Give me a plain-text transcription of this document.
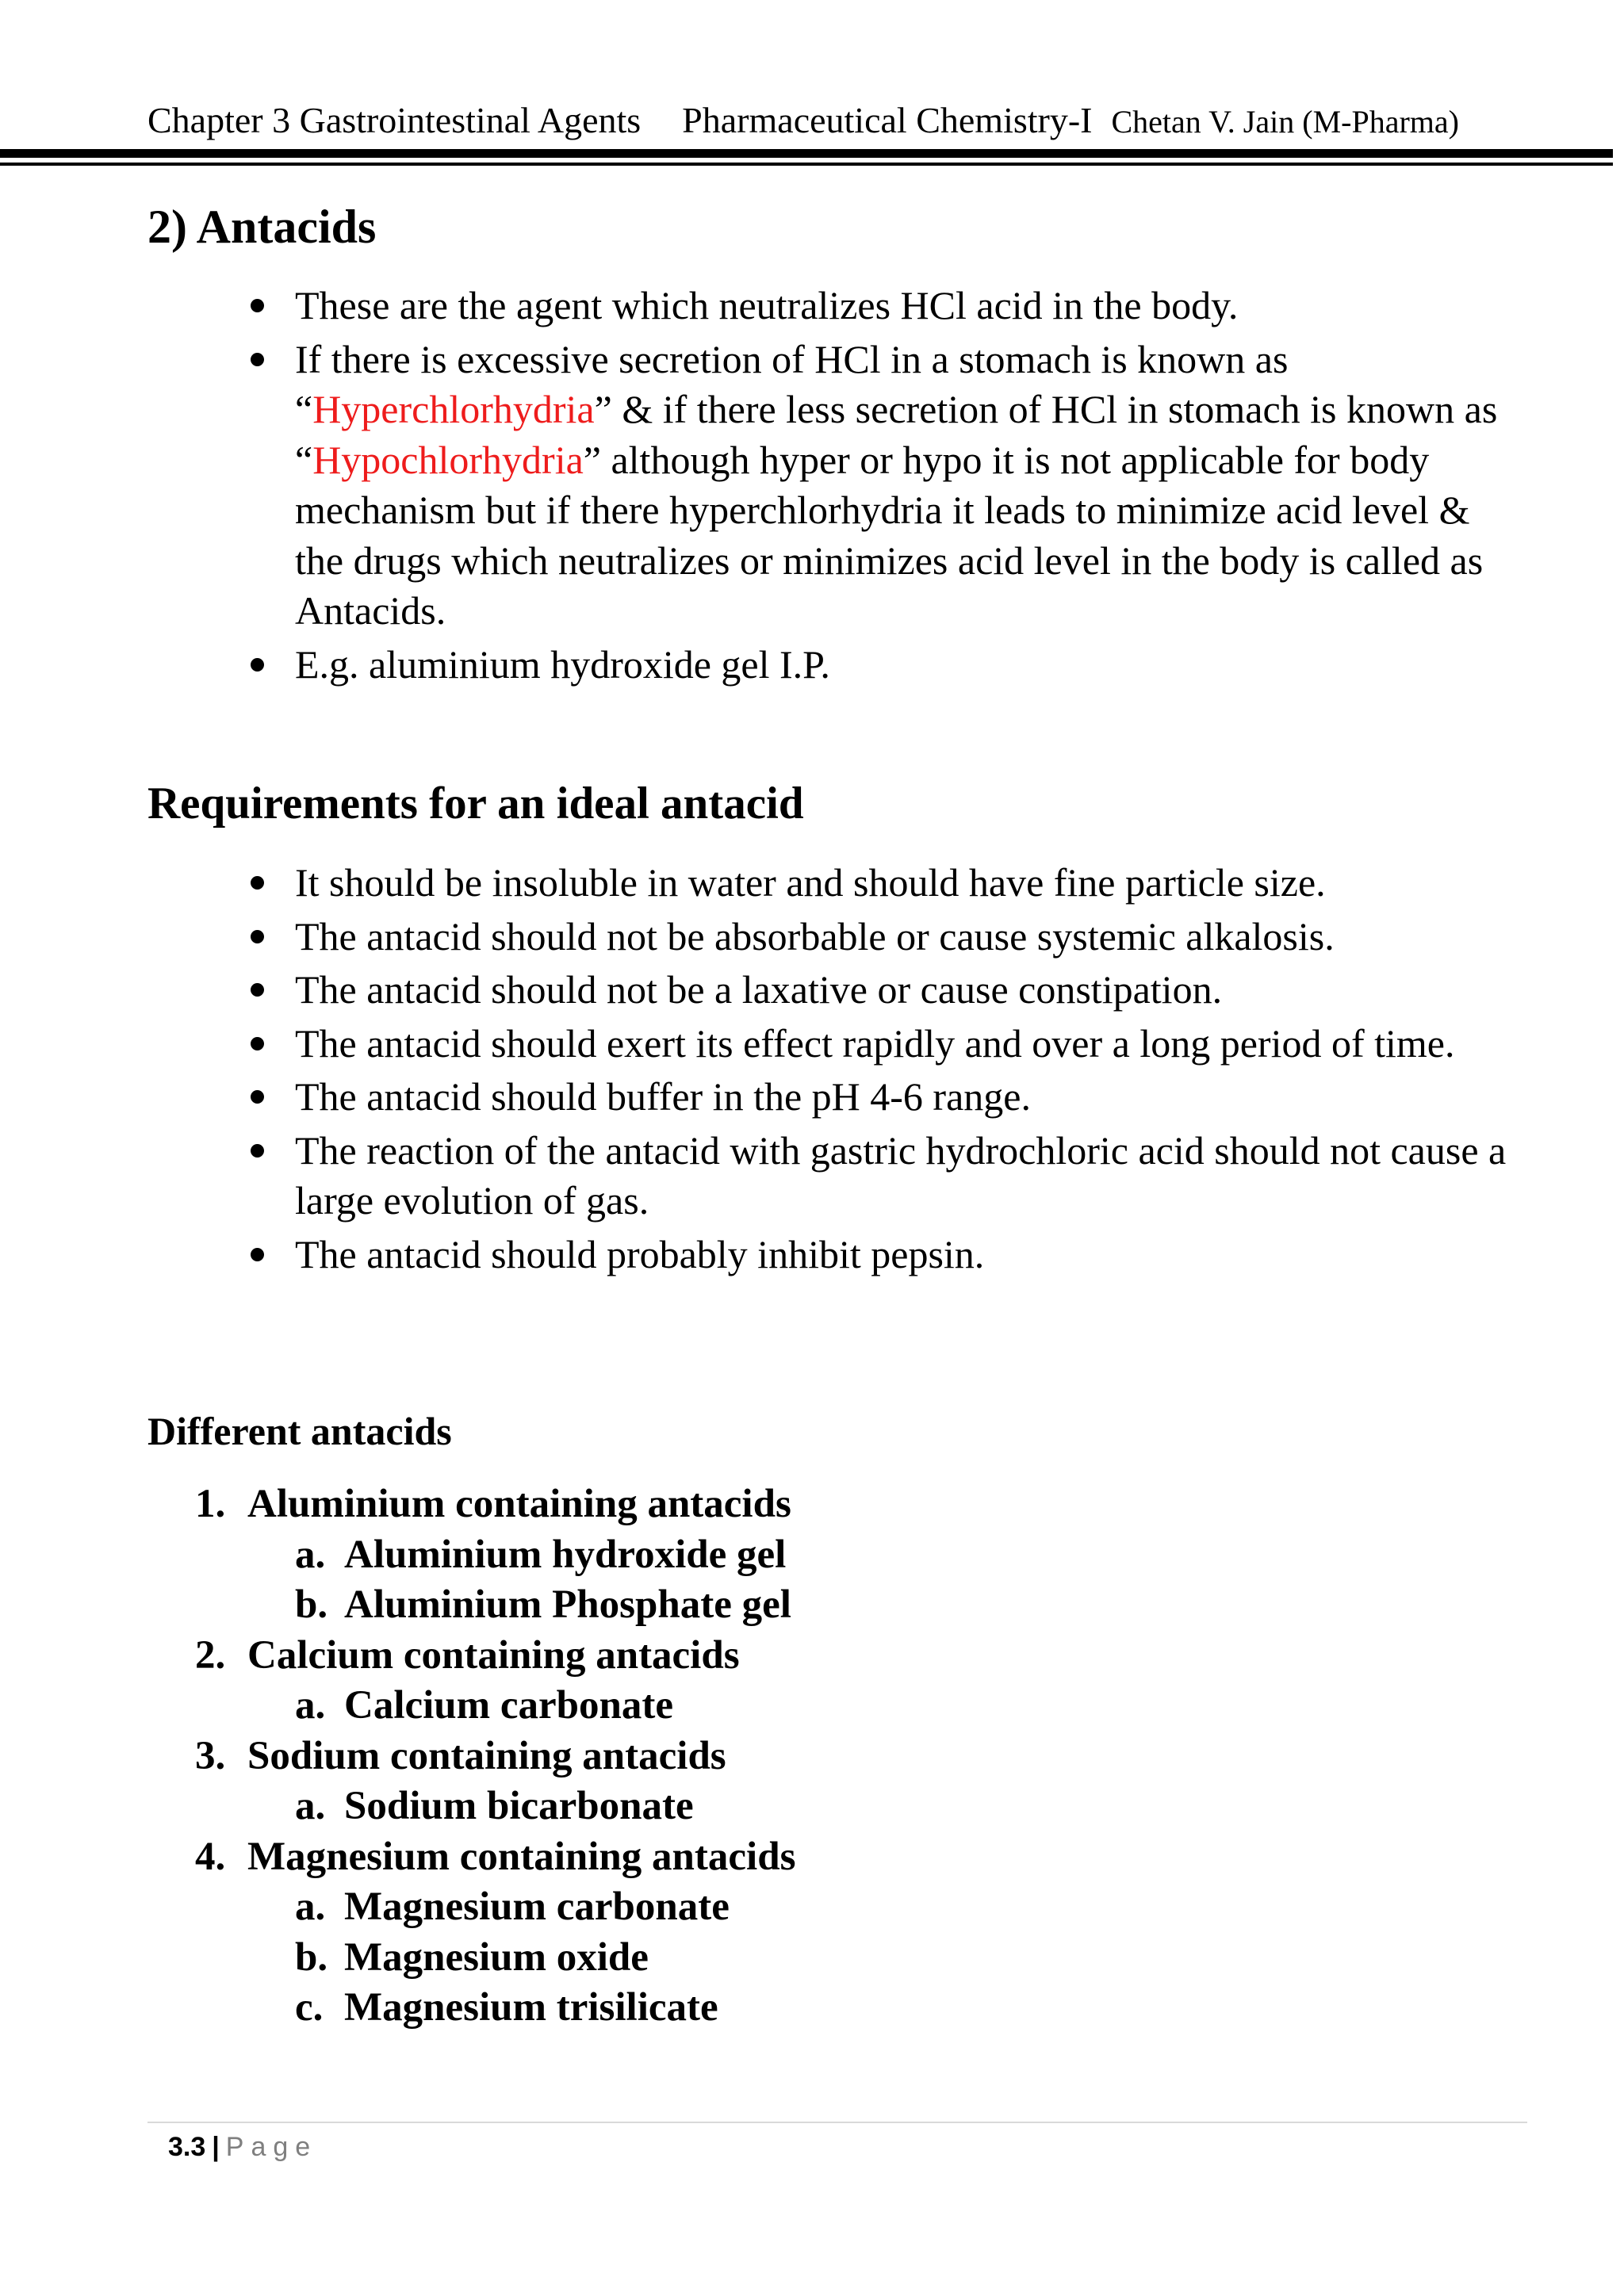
Chapter 3 Gastrointestinal Agents Pharmaceutical Chemistry-I Chetan V. Jain (M-Pharma)
2) Antacids
These are the agent which neutralizes HCl acid in the body.
If there is excessive secretion of HCl in a stomach is known as “Hyperchlorhydria” & if there less secretion of HCl in stomach is known as “Hypochlorhydria” although hyper or hypo it is not applicable for body mechanism but if there hyperchlorhydria it leads to minimize acid level & the drugs which neutralizes or minimizes acid level in the body is called as Antacids.
E.g. aluminium hydroxide gel I.P.
Requirements for an ideal antacid
It should be insoluble in water and should have fine particle size.
The antacid should not be absorbable or cause systemic alkalosis.
The antacid should not be a laxative or cause constipation.
The antacid should exert its effect rapidly and over a long period of time.
The antacid should buffer in the pH 4-6 range.
The reaction of the antacid with gastric hydrochloric acid should not cause a large evolution of gas.
The antacid should probably inhibit pepsin.
Different antacids
1. Aluminium containing antacids
a. Aluminium hydroxide gel
b. Aluminium Phosphate gel
2. Calcium containing antacids
a. Calcium carbonate
3. Sodium containing antacids
a. Sodium bicarbonate
4. Magnesium containing antacids
a. Magnesium carbonate
b. Magnesium oxide
c. Magnesium trisilicate
3.3 | Page
